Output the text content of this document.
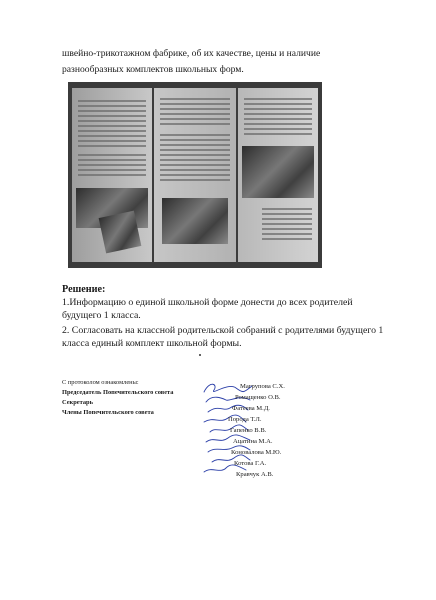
швейно-трикотажном фабрике, об их качестве, цены и наличие
разнообразных комплектов школьных форм.
Решение:
1.Информацию о единой школьной форме донести до всех родителей
будущего 1 класса.
2. Согласовать на классной родительской собраний с родителями будущего 1
класса единый комплект школьной формы.
С протоколом ознакомлены:
Председатель Попечительского совета
Секретарь
Члены Попечительского совета
Магрупова С.Х.
Ромащенко О.В.
Фатеева М.Д.
Порода Т.Л.
Гапенко В.В.
Ацатина М.А.
Коновалова М.Ю.
Котова Г.А.
Кравчук А.В.
